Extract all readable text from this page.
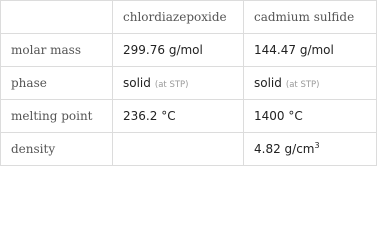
	chlordiazepoxide	cadmium sulfide
molar mass	299.76 g/mol	144.47 g/mol
phase	solid (at STP)	solid (at STP)
melting point	236.2 °C	1400 °C
density		4.82 $g/cm^3$
